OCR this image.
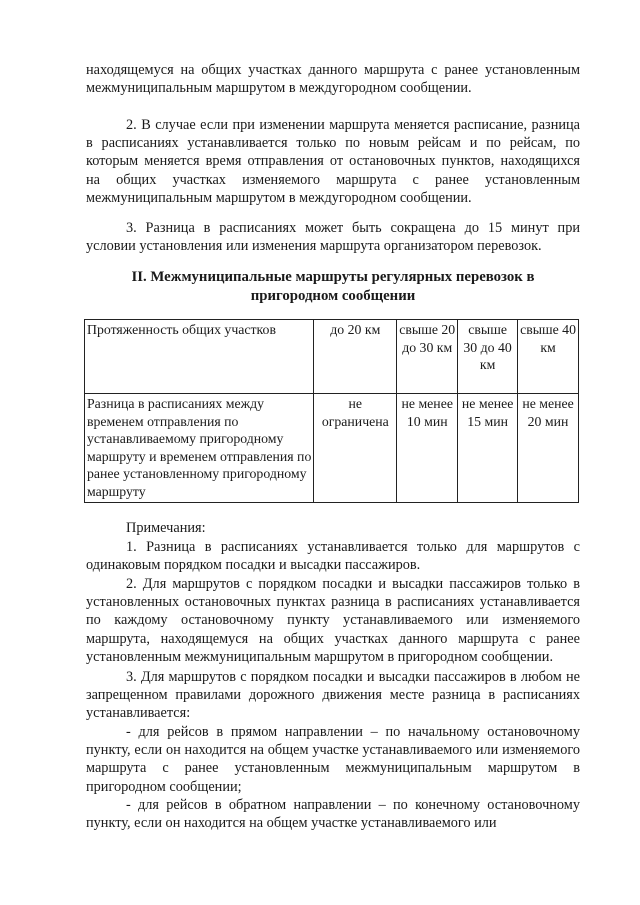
находящемуся на общих участках данного маршрута с ранее установленным межмуниципальным маршрутом в междугородном сообщении.

2. В случае если при изменении маршрута меняется расписание, разница в расписаниях устанавливается только по новым рейсам и по рейсам, по которым меняется время отправления от остановочных пунктов, находящихся на общих участках изменяемого маршрута с ранее установленным межмуниципальным маршрутом в междугородном сообщении.

3. Разница в расписаниях может быть сокращена до 15 минут при условии установления или изменения маршрута организатором перевозок.

II. Межмуниципальные маршруты регулярных перевозок в
пригородном сообщении
Протяженность общих участков	до 20 км	свыше 20 до 30 км	свыше 30 до 40 км	свыше 40 км
Разница в расписаниях между временем отправления по устанавливаемому пригородному маршруту и временем отправления по ранее установленному пригородному маршруту	не ограничена	не менее 10 мин	не менее 15 мин	не менее 20 мин

Примечания:

1. Разница в расписаниях устанавливается только для маршрутов с одинаковым порядком посадки и высадки пассажиров.

2. Для маршрутов с порядком посадки и высадки пассажиров только в установленных остановочных пунктах разница в расписаниях устанавливается по каждому остановочному пункту устанавливаемого или изменяемого маршрута, находящемуся на общих участках данного маршрута с ранее установленным межмуниципальным маршрутом в пригородном сообщении.

3. Для маршрутов с порядком посадки и высадки пассажиров в любом не запрещенном правилами дорожного движения месте разница в расписаниях устанавливается:

- для рейсов в прямом направлении – по начальному остановочному пункту, если он находится на общем участке устанавливаемого или изменяемого маршрута с ранее установленным межмуниципальным маршрутом в пригородном сообщении;

- для рейсов в обратном направлении – по конечному остановочному пункту, если он находится на общем участке устанавливаемого или
